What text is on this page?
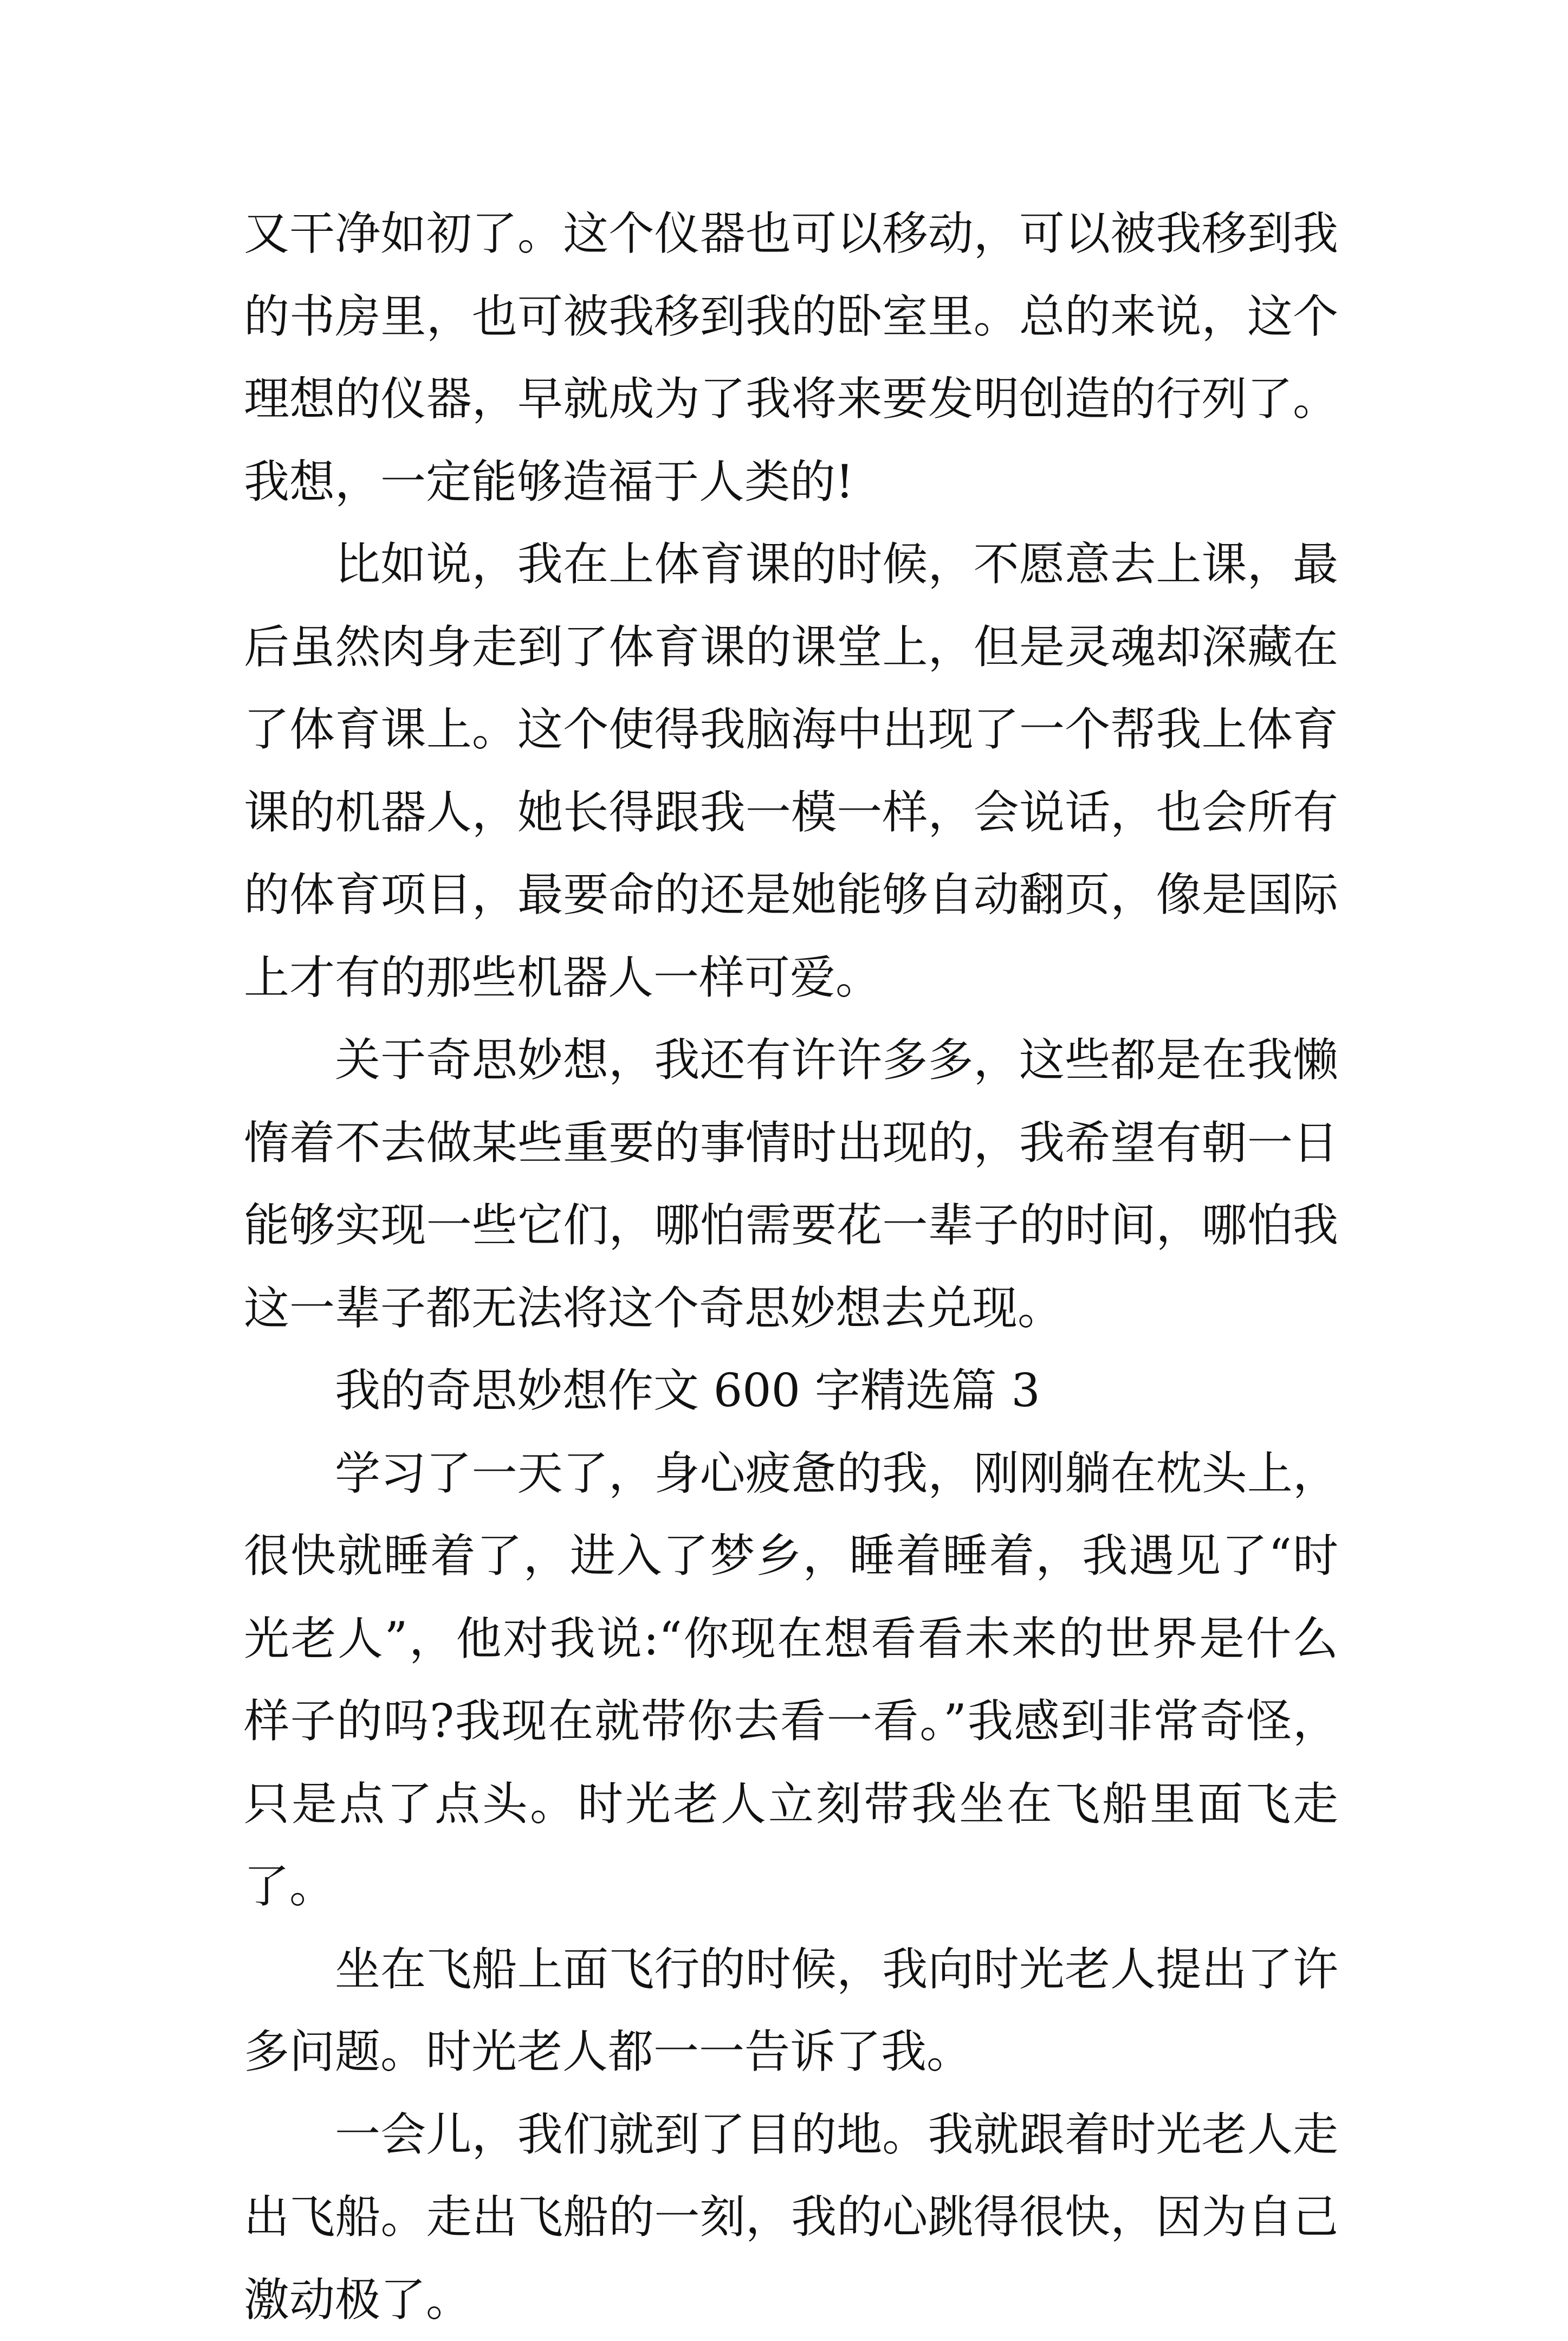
又干净如初了。这个仪器也可以移动，可以被我移到我的书房里，也可被我移到我的卧室里。总的来说，这个理想的仪器，早就成为了我将来要发明创造的行列了。我想，一定能够造福于人类的!

比如说，我在上体育课的时候，不愿意去上课，最后虽然肉身走到了体育课的课堂上，但是灵魂却深藏在了体育课上。这个使得我脑海中出现了一个帮我上体育课的机器人，她长得跟我一模一样，会说话，也会所有的体育项目，最要命的还是她能够自动翻页，像是国际上才有的那些机器人一样可爱。

关于奇思妙想，我还有许许多多，这些都是在我懒惰着不去做某些重要的事情时出现的，我希望有朝一日能够实现一些它们，哪怕需要花一辈子的时间，哪怕我这一辈子都无法将这个奇思妙想去兑现。

我的奇思妙想作文 600 字精选篇 3

学习了一天了，身心疲惫的我，刚刚躺在枕头上，很快就睡着了，进入了梦乡，睡着睡着，我遇见了“时光老人”，他对我说:“你现在想看看未来的世界是什么样子的吗?我现在就带你去看一看。”我感到非常奇怪，只是点了点头。时光老人立刻带我坐在飞船里面飞走了。

坐在飞船上面飞行的时候，我向时光老人提出了许多问题。时光老人都一一告诉了我。

一会儿，我们就到了目的地。我就跟着时光老人走出飞船。走出飞船的一刻，我的心跳得很快，因为自己激动极了。
